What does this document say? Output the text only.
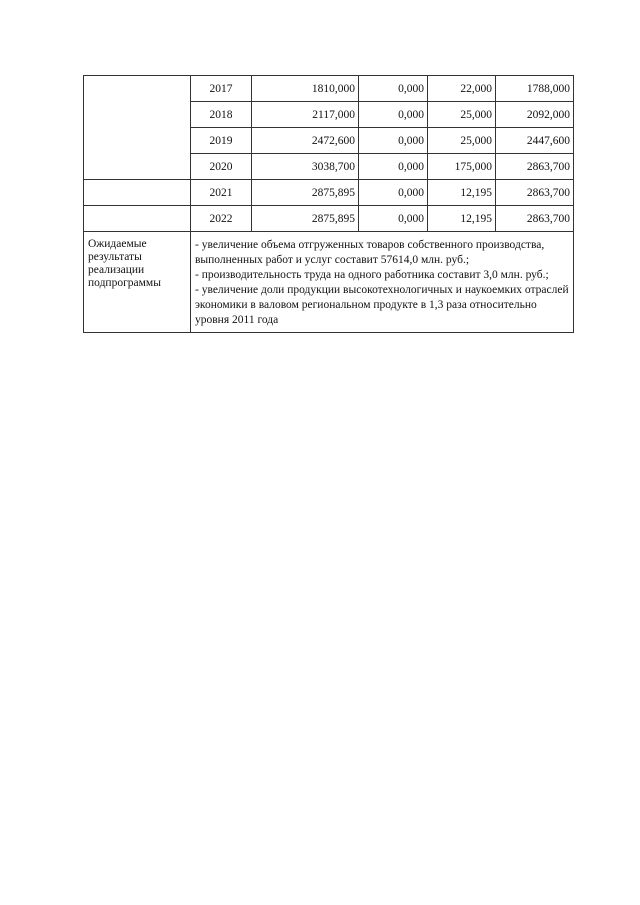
	2017	1810,000	0,000	22,000	1788,000
	2018	2117,000	0,000	25,000	2092,000
	2019	2472,600	0,000	25,000	2447,600
	2020	3038,700	0,000	175,000	2863,700
	2021	2875,895	0,000	12,195	2863,700
	2022	2875,895	0,000	12,195	2863,700
Ожидаемые результаты реализации подпрограммы	- увеличение объема отгруженных товаров собственного производства, выполненных работ и услуг составит 57614,0 млн. руб.;
- производительность труда на одного работника составит 3,0 млн. руб.;
- увеличение доли продукции высокотехнологичных и наукоемких отраслей экономики в валовом региональном продукте в 1,3 раза относительно уровня 2011 года				
